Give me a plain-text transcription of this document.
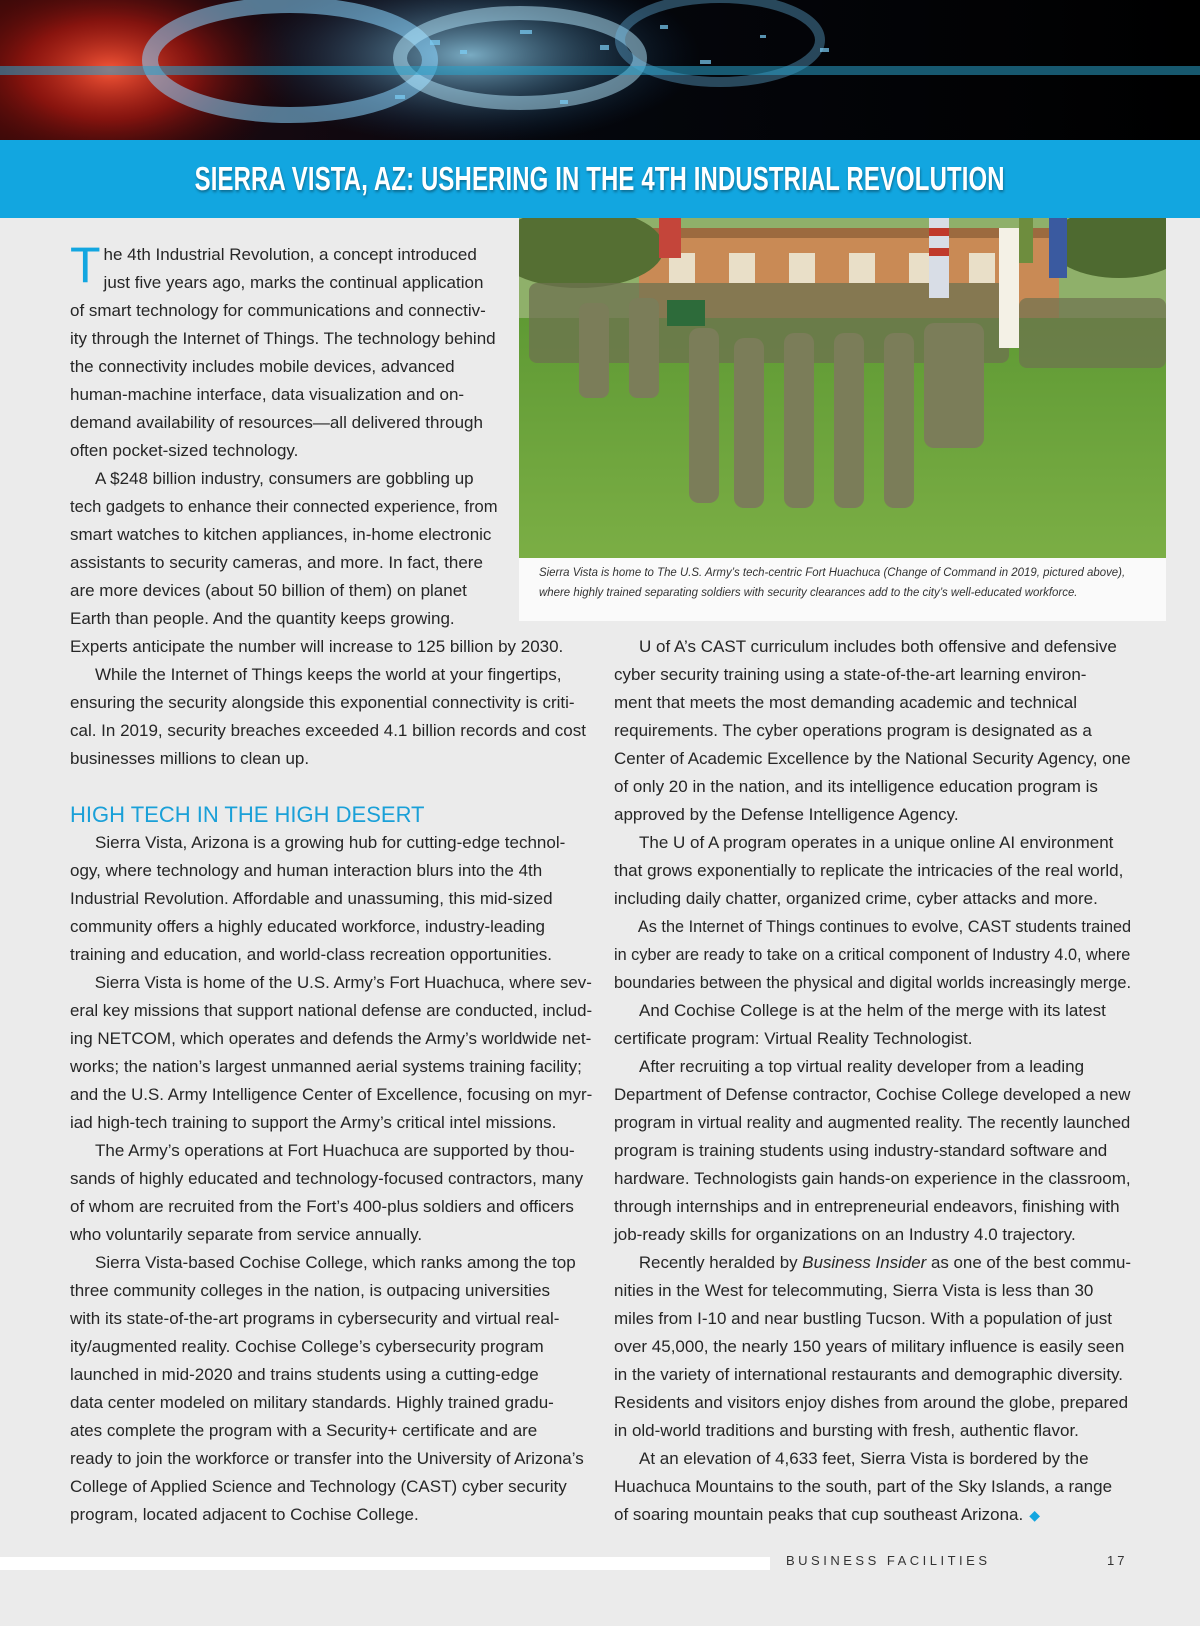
SIERRA VISTA, AZ: USHERING IN THE 4TH INDUSTRIAL REVOLUTION
Sierra Vista is home to The U.S. Army’s tech-centric Fort Huachuca (Change of Command in 2019, pictured above),
where highly trained separating soldiers with security clearances add to the city’s well-educated workforce.
T he 4th Industrial Revolution, a concept introduced
just five years ago, marks the continual application
of smart technology for communications and connectiv-
ity through the Internet of Things. The technology behind
the connectivity includes mobile devices, advanced
human-machine interface, data visualization and on-
demand availability of resources—all delivered through
often pocket-sized technology.
A $248 billion industry, consumers are gobbling up
tech gadgets to enhance their connected experience, from
smart watches to kitchen appliances, in-home electronic
assistants to security cameras, and more. In fact, there
are more devices (about 50 billion of them) on planet
Earth than people. And the quantity keeps growing.
Experts anticipate the number will increase to 125 billion by 2030.
While the Internet of Things keeps the world at your fingertips,
ensuring the security alongside this exponential connectivity is criti-
cal. In 2019, security breaches exceeded 4.1 billion records and cost
businesses millions to clean up.
HIGH TECH IN THE HIGH DESERT
Sierra Vista, Arizona is a growing hub for cutting-edge technol-
ogy, where technology and human interaction blurs into the 4th
Industrial Revolution. Affordable and unassuming, this mid-sized
community offers a highly educated workforce, industry-leading
training and education, and world-class recreation opportunities.
Sierra Vista is home of the U.S. Army’s Fort Huachuca, where sev-
eral key missions that support national defense are conducted, includ-
ing NETCOM, which operates and defends the Army’s worldwide net-
works; the nation’s largest unmanned aerial systems training facility;
and the U.S. Army Intelligence Center of Excellence, focusing on myr-
iad high-tech training to support the Army’s critical intel missions.
The Army’s operations at Fort Huachuca are supported by thou-
sands of highly educated and technology-focused contractors, many
of whom are recruited from the Fort’s 400-plus soldiers and officers
who voluntarily separate from service annually.
Sierra Vista-based Cochise College, which ranks among the top
three community colleges in the nation, is outpacing universities
with its state-of-the-art programs in cybersecurity and virtual real-
ity/augmented reality. Cochise College’s cybersecurity program
launched in mid-2020 and trains students using a cutting-edge
data center modeled on military standards. Highly trained gradu-
ates complete the program with a Security+ certificate and are
ready to join the workforce or transfer into the University of Arizona’s
College of Applied Science and Technology (CAST) cyber security
program, located adjacent to Cochise College.
U of A’s CAST curriculum includes both offensive and defensive
cyber security training using a state-of-the-art learning environ-
ment that meets the most demanding academic and technical
requirements. The cyber operations program is designated as a
Center of Academic Excellence by the National Security Agency, one
of only 20 in the nation, and its intelligence education program is
approved by the Defense Intelligence Agency.
The U of A program operates in a unique online AI environment
that grows exponentially to replicate the intricacies of the real world,
including daily chatter, organized crime, cyber attacks and more.
As the Internet of Things continues to evolve, CAST students trained
in cyber are ready to take on a critical component of Industry 4.0, where
boundaries between the physical and digital worlds increasingly merge.
And Cochise College is at the helm of the merge with its latest
certificate program: Virtual Reality Technologist.
After recruiting a top virtual reality developer from a leading
Department of Defense contractor, Cochise College developed a new
program in virtual reality and augmented reality. The recently launched
program is training students using industry-standard software and
hardware. Technologists gain hands-on experience in the classroom,
through internships and in entrepreneurial endeavors, finishing with
job-ready skills for organizations on an Industry 4.0 trajectory.
Recently heralded by Business Insider as one of the best commu-
nities in the West for telecommuting, Sierra Vista is less than 30
miles from I-10 and near bustling Tucson. With a population of just
over 45,000, the nearly 150 years of military influence is easily seen
in the variety of international restaurants and demographic diversity.
Residents and visitors enjoy dishes from around the globe, prepared
in old-world traditions and bursting with fresh, authentic flavor.
At an elevation of 4,633 feet, Sierra Vista is bordered by the
Huachuca Mountains to the south, part of the Sky Islands, a range
of soaring mountain peaks that cup southeast Arizona. ◆
BUSINESS FACILITIES	17
